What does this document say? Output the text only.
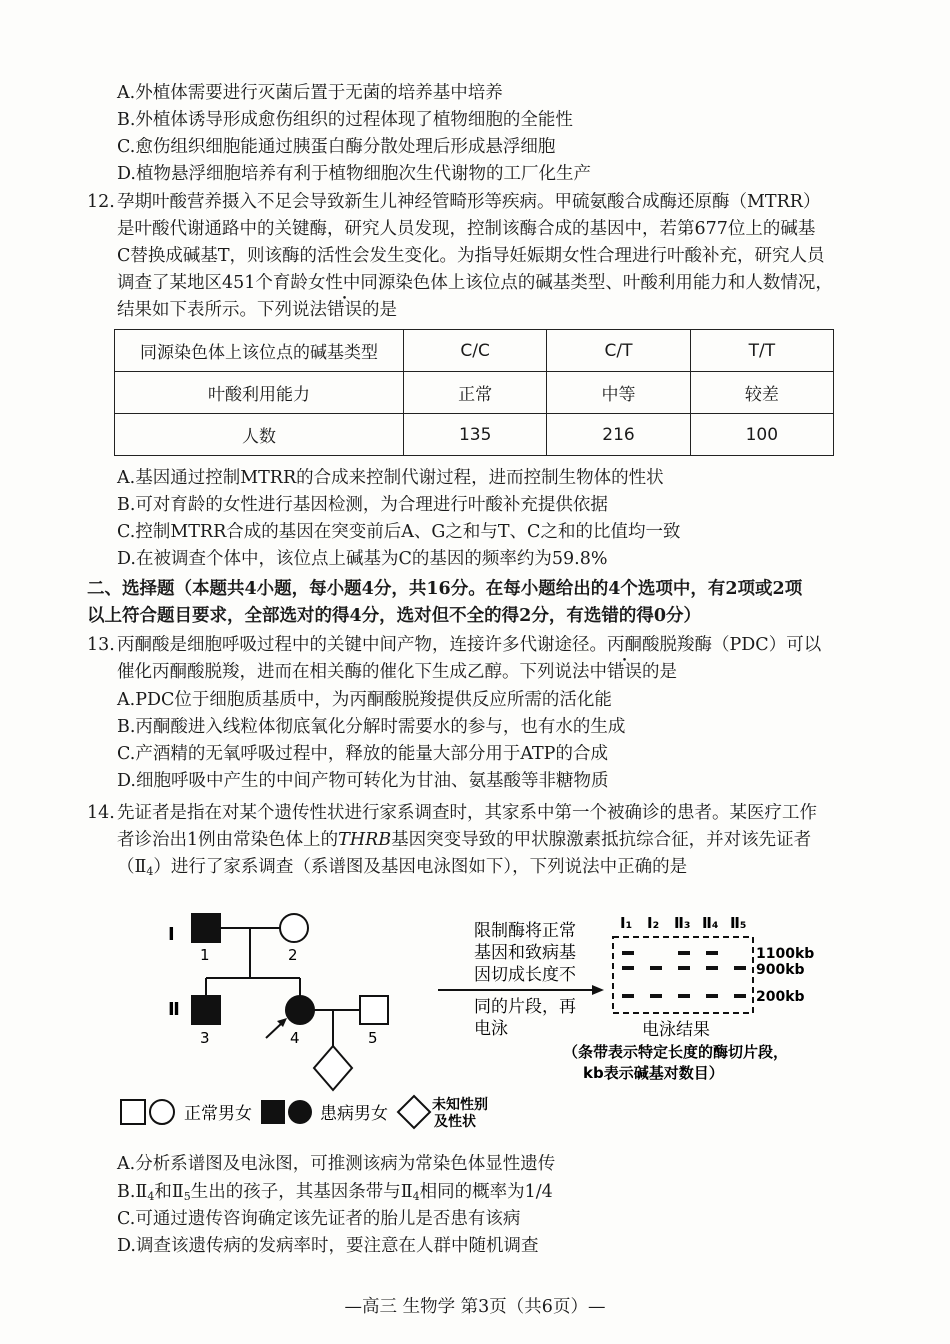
A.外植体需要进行灭菌后置于无菌的培养基中培养
B.外植体诱导形成愈伤组织的过程体现了植物细胞的全能性
C.愈伤组织细胞能通过胰蛋白酶分散处理后形成悬浮细胞
D.植物悬浮细胞培养有利于植物细胞次生代谢物的工厂化生产
12. 孕期叶酸营养摄入不足会导致新生儿神经管畸形等疾病。甲硫氨酸合成酶还原酶（MTRR）
是叶酸代谢通路中的关键酶，研究人员发现，控制该酶合成的基因中，若第677位上的碱基
C替换成碱基T，则该酶的活性会发生变化。为指导妊娠期女性合理进行叶酸补充，研究人员
调查了某地区451个育龄女性中同源染色体上该位点的碱基类型、叶酸利用能力和人数情况，
结果如下表所示。下列说法错误的是
同源染色体上该位点的碱基类型	C/C	C/T	T/T
叶酸利用能力	正常	中等	较差
人数	135	216	100
A.基因通过控制MTRR的合成来控制代谢过程，进而控制生物体的性状
B.可对育龄的女性进行基因检测，为合理进行叶酸补充提供依据
C.控制MTRR合成的基因在突变前后A、G之和与T、C之和的比值均一致
D.在被调查个体中，该位点上碱基为C的基因的频率约为59.8%
二、选择题（本题共4小题，每小题4分，共16分。在每小题给出的4个选项中，有2项或2项
以上符合题目要求，全部选对的得4分，选对但不全的得2分，有选错的得0分）
13. 丙酮酸是细胞呼吸过程中的关键中间产物，连接许多代谢途径。丙酮酸脱羧酶（PDC）可以
催化丙酮酸脱羧，进而在相关酶的催化下生成乙醇。下列说法中错误的是
A.PDC位于细胞质基质中，为丙酮酸脱羧提供反应所需的活化能
B.丙酮酸进入线粒体彻底氧化分解时需要水的参与，也有水的生成
C.产酒精的无氧呼吸过程中，释放的能量大部分用于ATP的合成
D.细胞呼吸中产生的中间产物可转化为甘油、氨基酸等非糖物质
14. 先证者是指在对某个遗传性状进行家系调查时，其家系中第一个被确诊的患者。某医疗工作
者诊治出1例由常染色体上的THRB基因突变导致的甲状腺激素抵抗综合征，并对该先证者
$(Ⅱ_4)$进行了家系调查（系谱图及基因电泳图如下），下列说法中正确的是
Ⅰ
Ⅱ
1	2
3	4	5
限制酶将正常
基因和致病基
因切成长度不
同的片段，再
电泳
Ⅰ₁ Ⅰ₂ Ⅱ₃ Ⅱ₄ Ⅱ₅
1100kb
900kb
200kb
电泳结果
（条带表示特定长度的酶切片段，
kb表示碱基对数目）
正常男女	患病男女	未知性别
及性状
A.分析系谱图及电泳图，可推测该病为常染色体显性遗传
$B.Ⅱ_4$和$Ⅱ_5$生出的孩子，其基因条带与$Ⅱ_4$相同的概率为1/4
C.可通过遗传咨询确定该先证者的胎儿是否患有该病
D.调查该遗传病的发病率时，要注意在人群中随机调查
—高三 生物学 第3页（共6页）—
